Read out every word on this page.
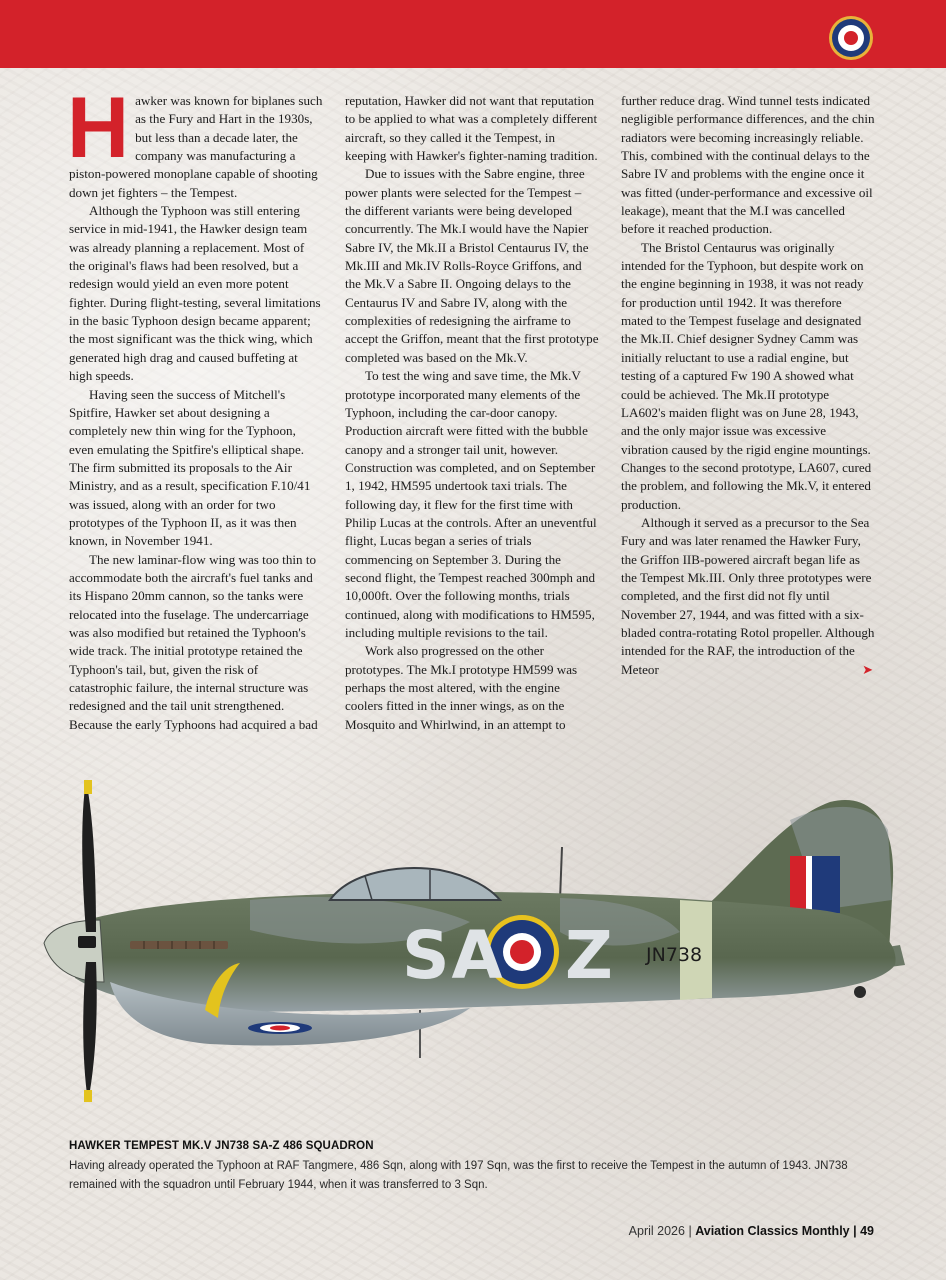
Hawker was known for biplanes such as the Fury and Hart in the 1930s, but less than a decade later, the company was manufacturing a piston-powered monoplane capable of shooting down jet fighters – the Tempest.

Although the Typhoon was still entering service in mid-1941, the Hawker design team was already planning a replacement. Most of the original's flaws had been resolved, but a redesign would yield an even more potent fighter. During flight-testing, several limitations in the basic Typhoon design became apparent; the most significant was the thick wing, which generated high drag and caused buffeting at high speeds.

Having seen the success of Mitchell's Spitfire, Hawker set about designing a completely new thin wing for the Typhoon, even emulating the Spitfire's elliptical shape. The firm submitted its proposals to the Air Ministry, and as a result, specification F.10/41 was issued, along with an order for two prototypes of the Typhoon II, as it was then known, in November 1941.

The new laminar-flow wing was too thin to accommodate both the aircraft's fuel tanks and its Hispano 20mm cannon, so the tanks were relocated into the fuselage. The undercarriage was also modified but retained the Typhoon's wide track. The initial prototype retained the Typhoon's tail, but, given the risk of catastrophic failure, the internal structure was redesigned and the tail unit strengthened. Because the early Typhoons had acquired a bad reputation, Hawker did not want that reputation to be applied to what was a completely different aircraft, so they called it the Tempest, in keeping with Hawker's fighter-naming tradition.

Due to issues with the Sabre engine, three power plants were selected for the Tempest – the different variants were being developed concurrently. The Mk.I would have the Napier Sabre IV, the Mk.II a Bristol Centaurus IV, the Mk.III and Mk.IV Rolls-Royce Griffons, and the Mk.V a Sabre II. Ongoing delays to the Centaurus IV and Sabre IV, along with the complexities of redesigning the airframe to accept the Griffon, meant that the first prototype completed was based on the Mk.V.

To test the wing and save time, the Mk.V prototype incorporated many elements of the Typhoon, including the car-door canopy. Production aircraft were fitted with the bubble canopy and a stronger tail unit, however. Construction was completed, and on September 1, 1942, HM595 undertook taxi trials. The following day, it flew for the first time with Philip Lucas at the controls. After an uneventful flight, Lucas began a series of trials commencing on September 3. During the second flight, the Tempest reached 300mph and 10,000ft. Over the following months, trials continued, along with modifications to HM595, including multiple revisions to the tail.

Work also progressed on the other prototypes. The Mk.I prototype HM599 was perhaps the most altered, with the engine coolers fitted in the inner wings, as on the Mosquito and Whirlwind, in an attempt to further reduce drag. Wind tunnel tests indicated negligible performance differences, and the chin radiators were becoming increasingly reliable. This, combined with the continual delays to the Sabre IV and problems with the engine once it was fitted (under-performance and excessive oil leakage), meant that the M.I was cancelled before it reached production.

The Bristol Centaurus was originally intended for the Typhoon, but despite work on the engine beginning in 1938, it was not ready for production until 1942. It was therefore mated to the Tempest fuselage and designated the Mk.II. Chief designer Sydney Camm was initially reluctant to use a radial engine, but testing of a captured Fw 190 A showed what could be achieved. The Mk.II prototype LA602's maiden flight was on June 28, 1943, and the only major issue was excessive vibration caused by the rigid engine mountings. Changes to the second prototype, LA607, cured the problem, and following the Mk.V, it entered production.

Although it served as a precursor to the Sea Fury and was later renamed the Hawker Fury, the Griffon IIB-powered aircraft began life as the Tempest Mk.III. Only three prototypes were completed, and the first did not fly until November 27, 1944, and was fitted with a six-bladed contra-rotating Rotol propeller. Although intended for the RAF, the introduction of the Meteor	➤

SA Z JN738
HAWKER TEMPEST MK.V JN738 SA-Z 486 SQUADRON
Having already operated the Typhoon at RAF Tangmere, 486 Sqn, along with 197 Sqn, was the first to receive the Tempest in the autumn of 1943. JN738 remained with the squadron until February 1944, when it was transferred to 3 Sqn.
April 2026 | Aviation Classics Monthly | 49
